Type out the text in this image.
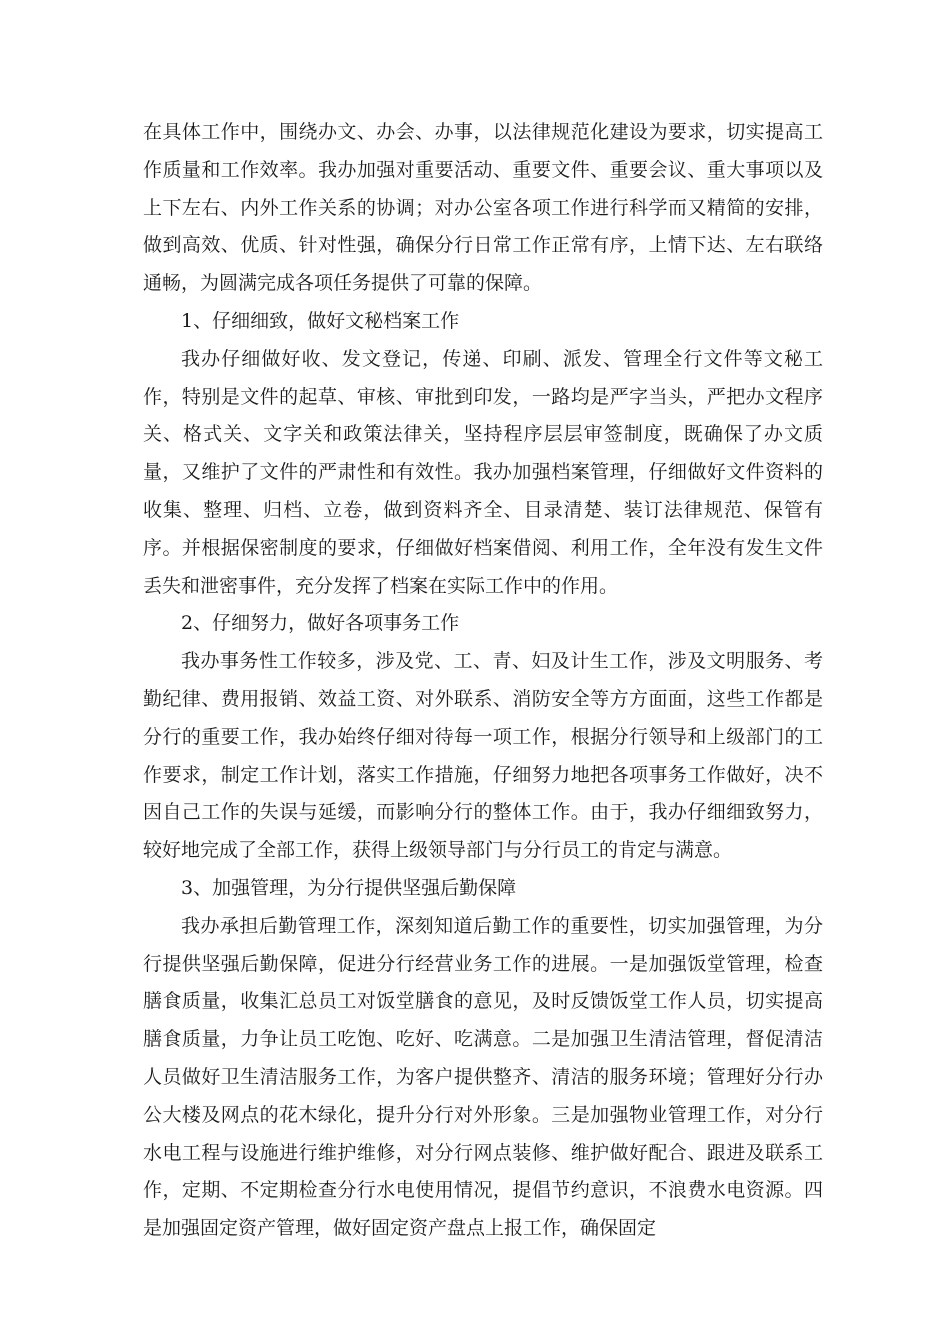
在具体工作中，围绕办文、办会、办事，以法律规范化建设为要求，切实提高工作质量和工作效率。我办加强对重要活动、重要文件、重要会议、重大事项以及上下左右、内外工作关系的协调；对办公室各项工作进行科学而又精简的安排，做到高效、优质、针对性强，确保分行日常工作正常有序，上情下达、左右联络通畅，为圆满完成各项任务提供了可靠的保障。

1、仔细细致，做好文秘档案工作

我办仔细做好收、发文登记，传递、印刷、派发、管理全行文件等文秘工作，特别是文件的起草、审核、审批到印发，一路均是严字当头，严把办文程序关、格式关、文字关和政策法律关，坚持程序层层审签制度，既确保了办文质量，又维护了文件的严肃性和有效性。我办加强档案管理，仔细做好文件资料的收集、整理、归档、立卷，做到资料齐全、目录清楚、装订法律规范、保管有序。并根据保密制度的要求，仔细做好档案借阅、利用工作，全年没有发生文件丢失和泄密事件，充分发挥了档案在实际工作中的作用。

2、仔细努力，做好各项事务工作

我办事务性工作较多，涉及党、工、青、妇及计生工作，涉及文明服务、考勤纪律、费用报销、效益工资、对外联系、消防安全等方方面面，这些工作都是分行的重要工作，我办始终仔细对待每一项工作，根据分行领导和上级部门的工作要求，制定工作计划，落实工作措施，仔细努力地把各项事务工作做好，决不因自己工作的失误与延缓，而影响分行的整体工作。由于，我办仔细细致努力，较好地完成了全部工作，获得上级领导部门与分行员工的肯定与满意。

3、加强管理，为分行提供坚强后勤保障

我办承担后勤管理工作，深刻知道后勤工作的重要性，切实加强管理，为分行提供坚强后勤保障，促进分行经营业务工作的进展。一是加强饭堂管理，检查膳食质量，收集汇总员工对饭堂膳食的意见，及时反馈饭堂工作人员，切实提高膳食质量，力争让员工吃饱、吃好、吃满意。二是加强卫生清洁管理，督促清洁人员做好卫生清洁服务工作，为客户提供整齐、清洁的服务环境；管理好分行办公大楼及网点的花木绿化，提升分行对外形象。三是加强物业管理工作，对分行水电工程与设施进行维护维修，对分行网点装修、维护做好配合、跟进及联系工作，定期、不定期检查分行水电使用情况，提倡节约意识，不浪费水电资源。四是加强固定资产管理，做好固定资产盘点上报工作，确保固定
